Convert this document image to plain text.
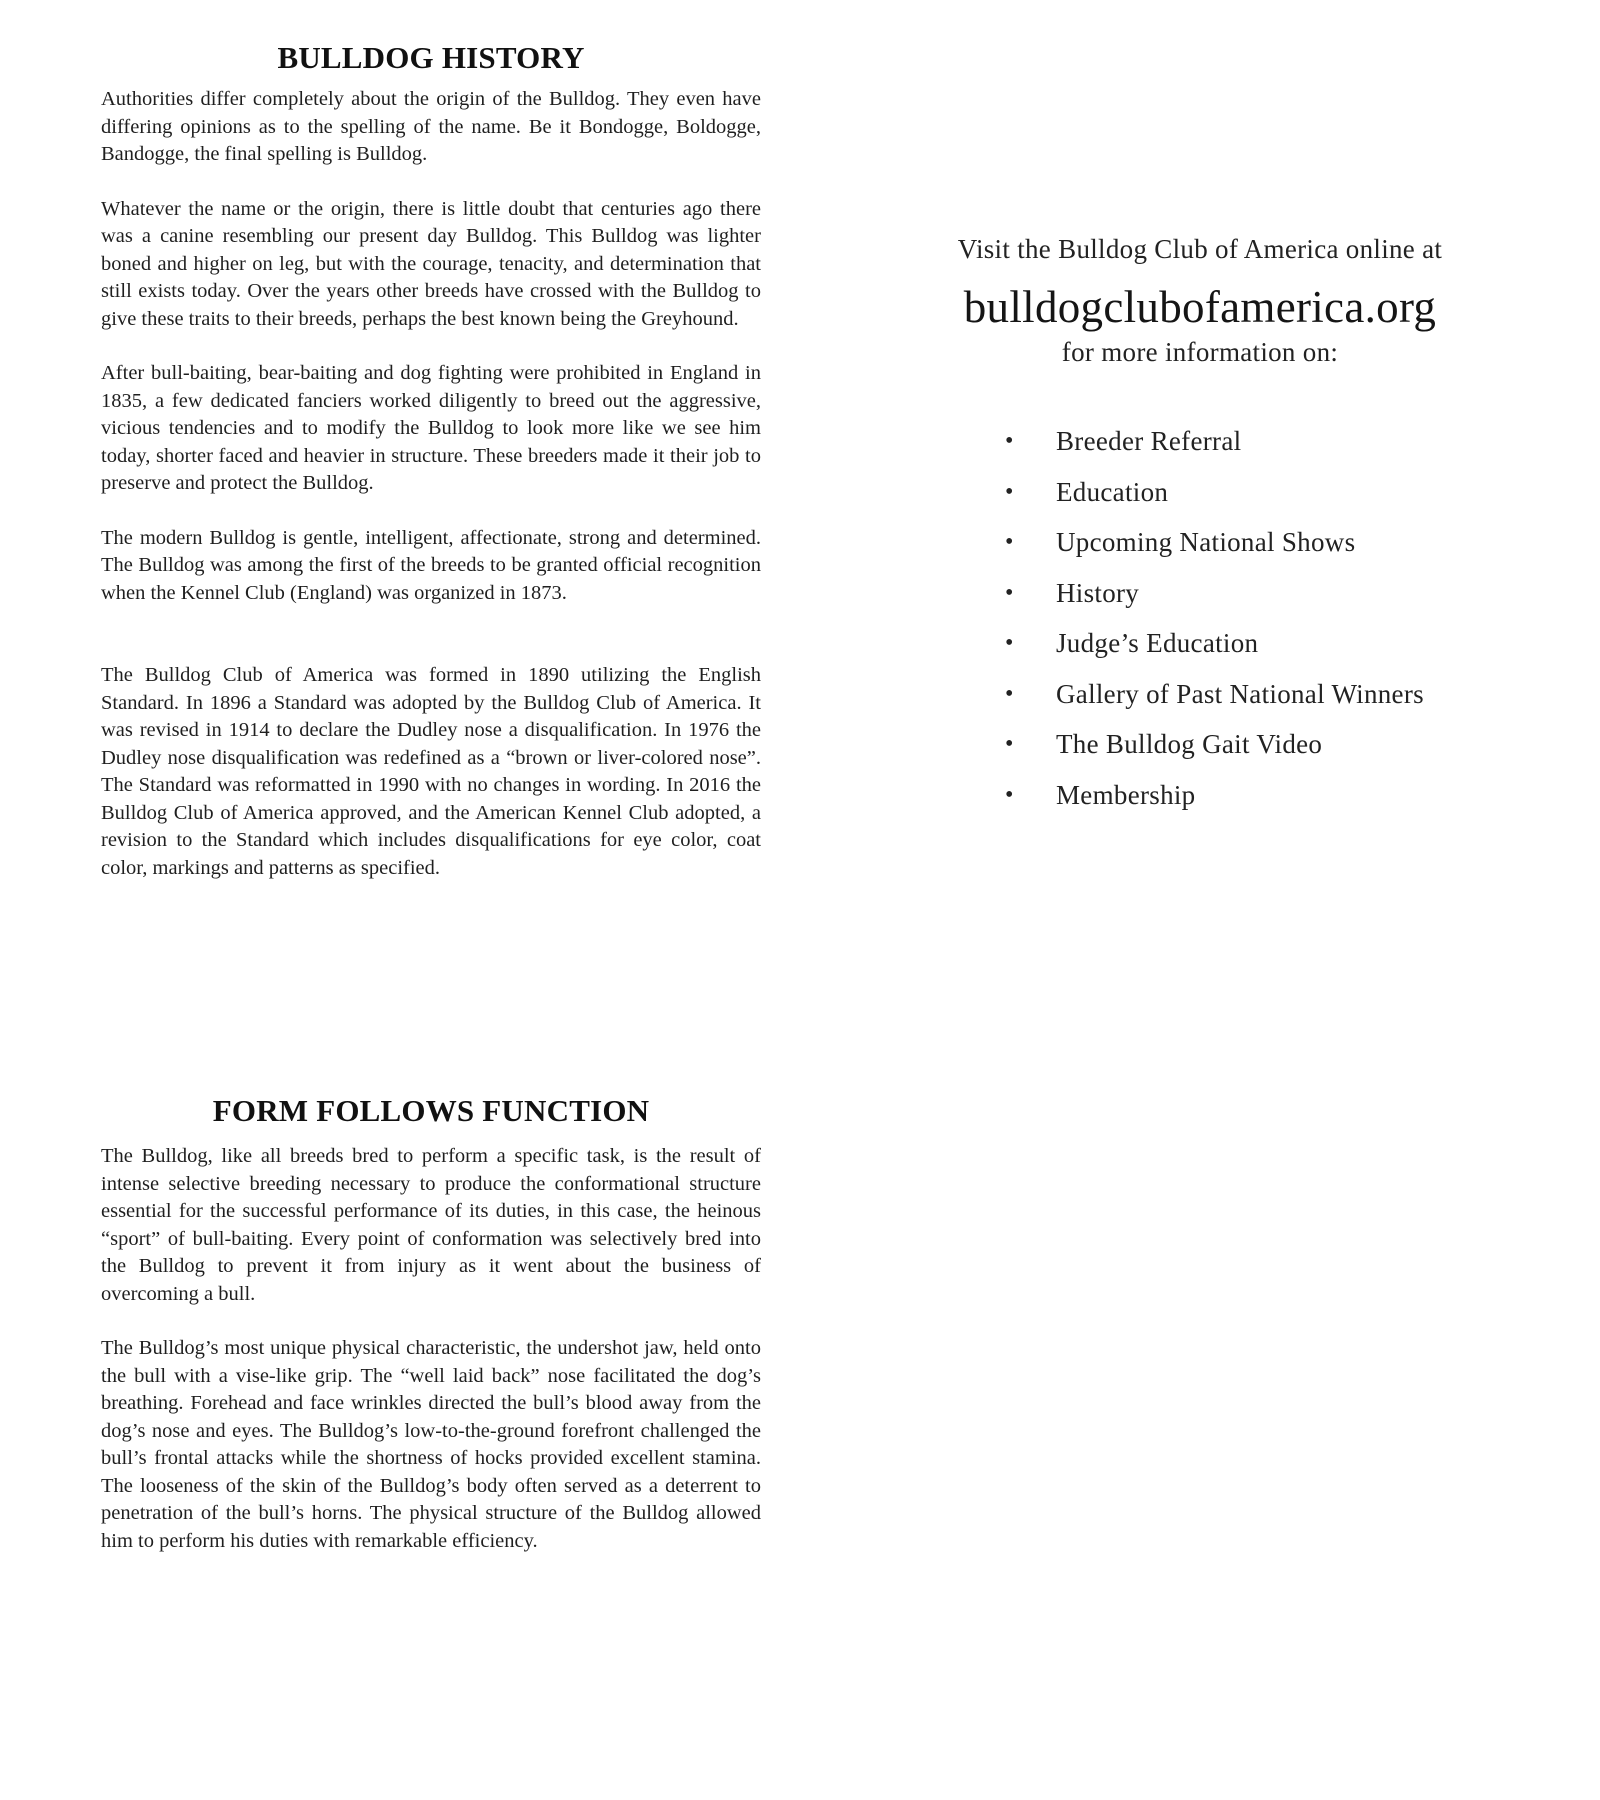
BULLDOG HISTORY

Authorities differ completely about the origin of the Bulldog. They even have differing opinions as to the spelling of the name. Be it Bondogge, Boldogge, Bandogge, the final spelling is Bulldog.

Whatever the name or the origin, there is little doubt that centuries ago there was a canine resembling our present day Bulldog. This Bulldog was lighter boned and higher on leg, but with the courage, tenacity, and determination that still exists today. Over the years other breeds have crossed with the Bulldog to give these traits to their breeds, perhaps the best known being the Greyhound.

After bull-baiting, bear-baiting and dog fighting were prohibited in England in 1835, a few dedicated fanciers worked diligently to breed out the aggressive, vicious tendencies and to modify the Bulldog to look more like we see him today, shorter faced and heavier in structure. These breeders made it their job to preserve and protect the Bulldog.

The modern Bulldog is gentle, intelligent, affectionate, strong and determined. The Bulldog was among the first of the breeds to be granted official recognition when the Kennel Club (England) was organized in 1873.

The Bulldog Club of America was formed in 1890 utilizing the English Standard. In 1896 a Standard was adopted by the Bulldog Club of America. It was revised in 1914 to declare the Dudley nose a disqualification. In 1976 the Dudley nose disqualification was redefined as a “brown or liver-colored nose”. The Standard was reformatted in 1990 with no changes in wording. In 2016 the Bulldog Club of America approved, and the American Kennel Club adopted, a revision to the Standard which includes disqualifications for eye color, coat color, markings and patterns as specified.

FORM FOLLOWS FUNCTION

The Bulldog, like all breeds bred to perform a specific task, is the result of intense selective breeding necessary to produce the conformational structure essential for the successful performance of its duties, in this case, the heinous “sport” of bull-baiting. Every point of conformation was selectively bred into the Bulldog to prevent it from injury as it went about the business of overcoming a bull.

The Bulldog’s most unique physical characteristic, the undershot jaw, held onto the bull with a vise-like grip. The “well laid back” nose facilitated the dog’s breathing. Forehead and face wrinkles directed the bull’s blood away from the dog’s nose and eyes. The Bulldog’s low-to-the-ground forefront challenged the bull’s frontal attacks while the shortness of hocks provided excellent stamina. The looseness of the skin of the Bulldog’s body often served as a deterrent to penetration of the bull’s horns. The physical structure of the Bulldog allowed him to perform his duties with remarkable efficiency.

Visit the Bulldog Club of America online at

bulldogclubofamerica.org

for more information on:

• Breeder Referral
• Education
• Upcoming National Shows
• History
• Judge’s Education
• Gallery of Past National Winners
• The Bulldog Gait Video
• Membership
